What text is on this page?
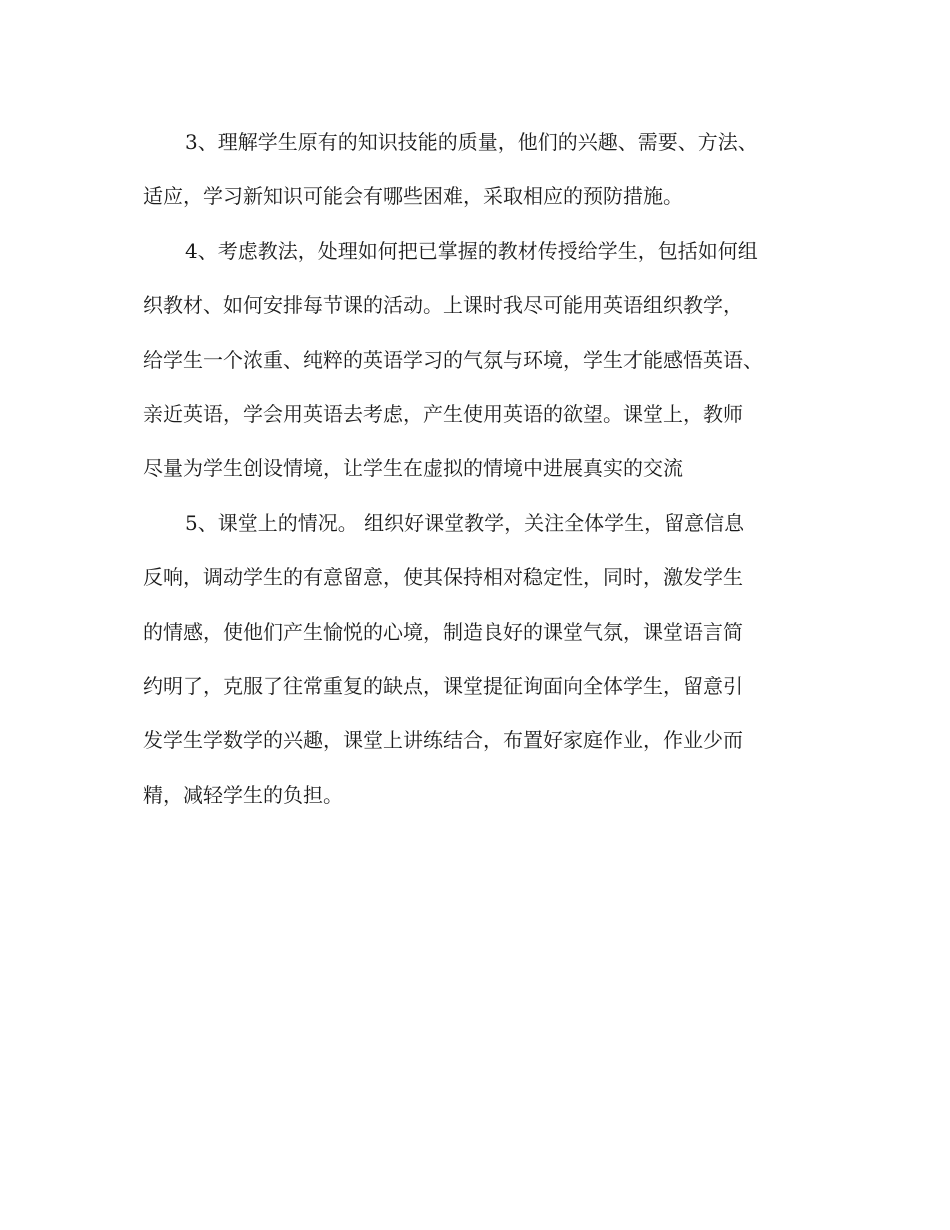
3、理解学生原有的知识技能的质量，他们的兴趣、需要、方法、
适应，学习新知识可能会有哪些困难，采取相应的预防措施。
4、考虑教法，处理如何把已掌握的教材传授给学生，包括如何组
织教材、如何安排每节课的活动。上课时我尽可能用英语组织教学，
给学生一个浓重、纯粹的英语学习的气氛与环境，学生才能感悟英语、
亲近英语，学会用英语去考虑，产生使用英语的欲望。课堂上，教师
尽量为学生创设情境，让学生在虚拟的情境中进展真实的交流
5、课堂上的情况。 组织好课堂教学，关注全体学生，留意信息
反响，调动学生的有意留意，使其保持相对稳定性，同时，激发学生
的情感，使他们产生愉悦的心境，制造良好的课堂气氛，课堂语言简
约明了，克服了往常重复的缺点，课堂提征询面向全体学生，留意引
发学生学数学的兴趣，课堂上讲练结合，布置好家庭作业，作业少而
精，减轻学生的负担。
